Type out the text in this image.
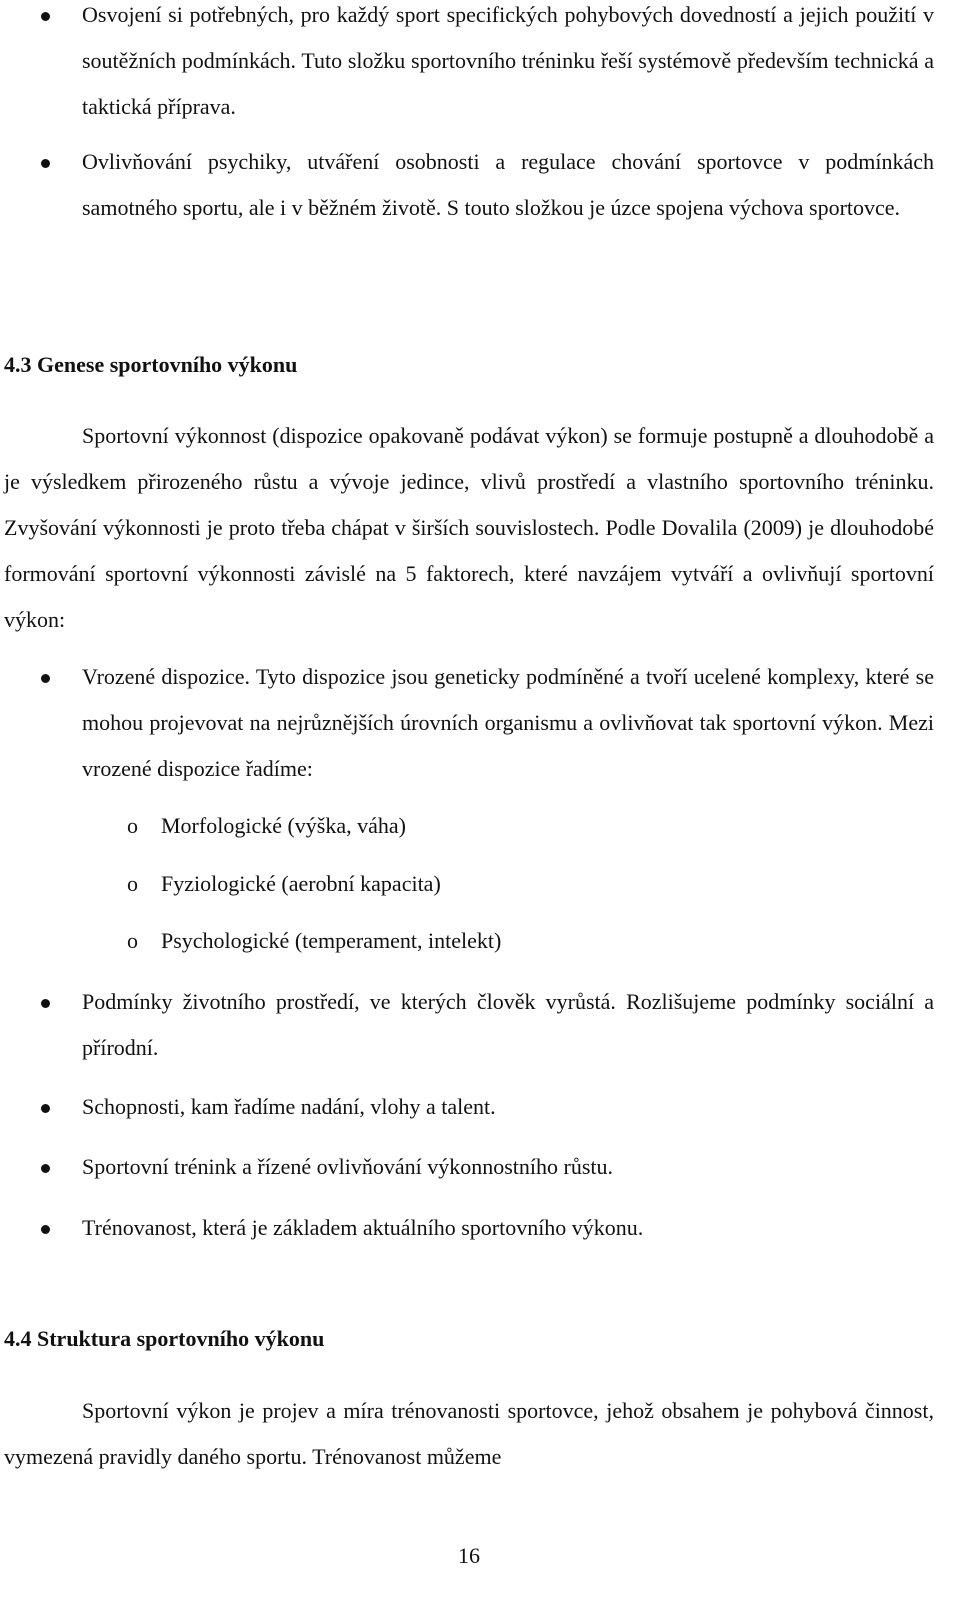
Osvojení si potřebných, pro každý sport specifických pohybových dovedností a jejich použití v soutěžních podmínkách. Tuto složku sportovního tréninku řeší systémově především technická a taktická příprava.
Ovlivňování psychiky, utváření osobnosti a regulace chování sportovce v podmínkách samotného sportu, ale i v běžném životě. S touto složkou je úzce spojena výchova sportovce.
4.3 Genese sportovního výkonu
Sportovní výkonnost (dispozice opakovaně podávat výkon) se formuje postupně a dlouhodobě a je výsledkem přirozeného růstu a vývoje jedince, vlivů prostředí a vlastního sportovního tréninku. Zvyšování výkonnosti je proto třeba chápat v širších souvislostech. Podle Dovalila (2009) je dlouhodobé formování sportovní výkonnosti závislé na 5 faktorech, které navzájem vytváří a ovlivňují sportovní výkon:
Vrozené dispozice. Tyto dispozice jsou geneticky podmíněné a tvoří ucelené komplexy, které se mohou projevovat na nejrůznějších úrovních organismu a ovlivňovat tak sportovní výkon. Mezi vrozené dispozice řadíme:
o Morfologické (výška, váha)
o Fyziologické (aerobní kapacita)
o Psychologické (temperament, intelekt)
Podmínky životního prostředí, ve kterých člověk vyrůstá. Rozlišujeme podmínky sociální a přírodní.
Schopnosti, kam řadíme nadání, vlohy a talent.
Sportovní trénink a řízené ovlivňování výkonnostního růstu.
Trénovanost, která je základem aktuálního sportovního výkonu.
4.4 Struktura sportovního výkonu
Sportovní výkon je projev a míra trénovanosti sportovce, jehož obsahem je pohybová činnost, vymezená pravidly daného sportu. Trénovanost můžeme
16
